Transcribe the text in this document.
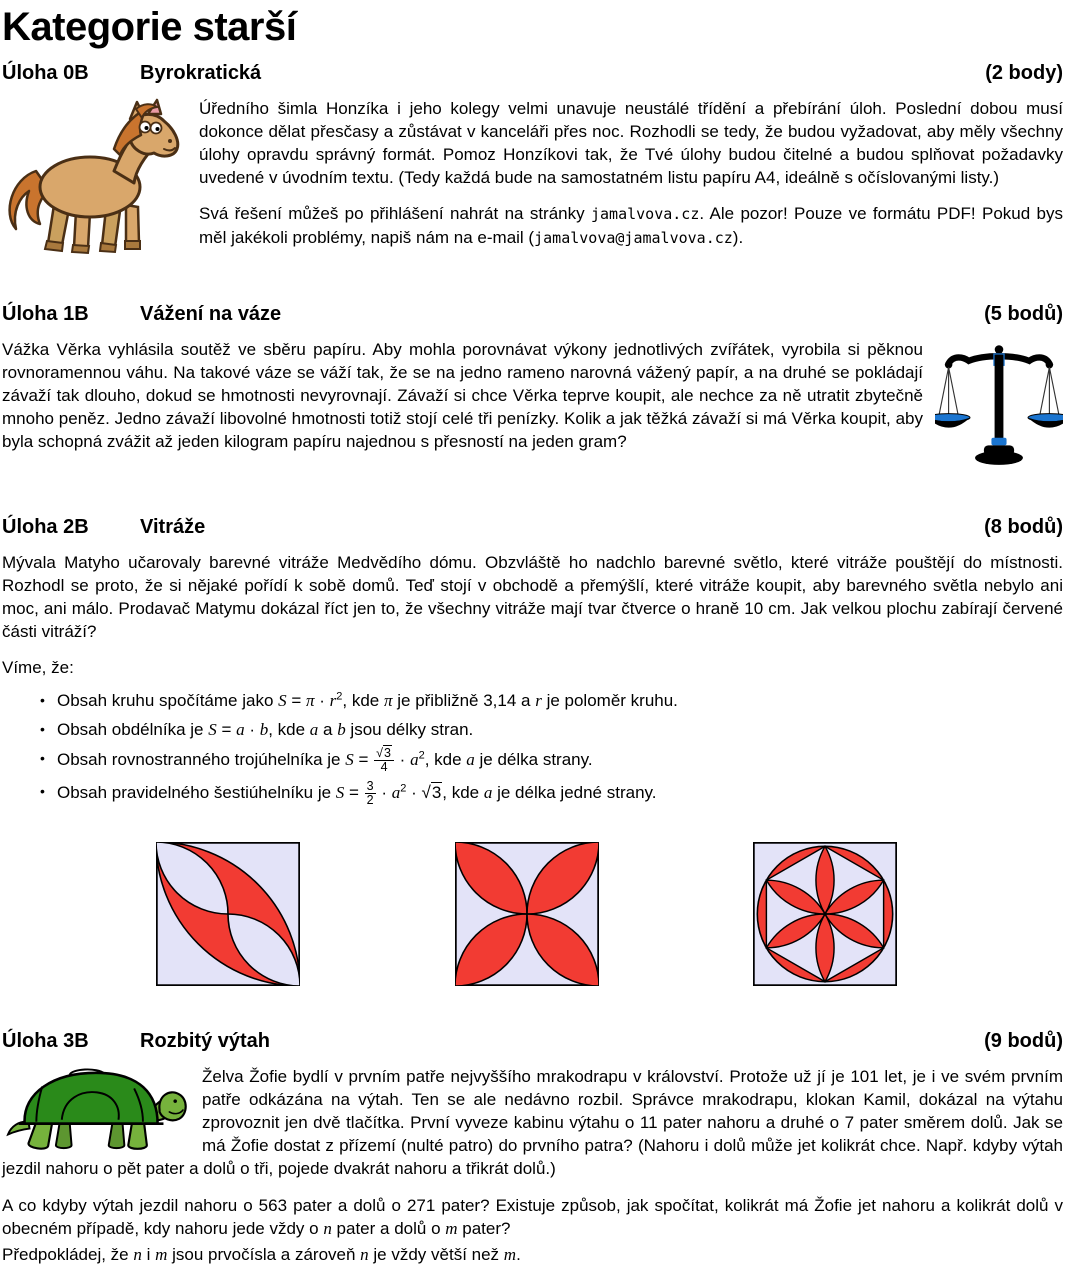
Kategorie starší
Úloha 0B	Byrokratická	(2 body)

Úředního šimla Honzíka i jeho kolegy velmi unavuje neustálé třídění a přebírání úloh. Poslední dobou musí dokonce dělat přesčasy a zůstávat v kanceláři přes noc. Rozhodli se tedy, že budou vyžadovat, aby měly všechny úlohy opravdu správný formát. Pomoz Honzíkovi tak, že Tvé úlohy budou čitelné a budou splňovat požadavky uvedené v úvodním textu. (Tedy každá bude na samostatném listu papíru A4, ideálně s očíslovanými listy.)

Svá řešení můžeš po přihlášení nahrát na stránky jamalvova.cz. Ale pozor! Pouze ve formátu PDF! Pokud bys měl jakékoli problémy, napiš nám na e-mail (jamalvova@jamalvova.cz).

Úloha 1B	Vážení na váze	(5 bodů)

Vážka Věrka vyhlásila soutěž ve sběru papíru. Aby mohla porovnávat výkony jednotlivých zvířátek, vyrobila si pěknou rovnoramennou váhu. Na takové váze se váží tak, že se na jedno rameno narovná vážený papír, a na druhé se pokládají závaží tak dlouho, dokud se hmotnosti nevyrovnají. Závaží si chce Věrka teprve koupit, ale nechce za ně utratit zbytečně mnoho peněz. Jedno závaží libovolné hmotnosti totiž stojí celé tři penízky. Kolik a jak těžká závaží si má Věrka koupit, aby byla schopná zvážit až jeden kilogram papíru najednou s přesností na jeden gram?

Úloha 2B	Vitráže	(8 bodů)

Mývala Matyho učarovaly barevné vitráže Medvědího dómu. Obzvláště ho nadchlo barevné světlo, které vitráže pouštějí do místnosti. Rozhodl se proto, že si nějaké pořídí k sobě domů. Teď stojí v obchodě a přemýšlí, které vitráže koupit, aby barevného světla nebylo ani moc, ani málo. Prodavač Matymu dokázal říct jen to, že všechny vitráže mají tvar čtverce o hraně 10 cm. Jak velkou plochu zabírají červené části vitráží?

Víme, že:

• Obsah kruhu spočítáme jako $S = \pi \cdot r^2$, kde π je přibližně 3,14 a r je poloměr kruhu.
• Obsah obdélníka je S = a · b, kde a a b jsou délky stran.
• Obsah rovnostranného trojúhelníka je $S = \frac{√3}{4} \cdot a^2$, kde a je délka strany.
• Obsah pravidelného šestiúhelníku je $S = \frac{3}{2} \cdot a^2 \cdot √3$, kde a je délka jedné strany.
Úloha 3B	Rozbitý výtah	(9 bodů)

Želva Žofie bydlí v prvním patře nejvyššího mrakodrapu v království. Protože už jí je 101 let, je i ve svém prvním patře odkázána na výtah. Ten se ale nedávno rozbil. Správce mrakodrapu, klokan Kamil, dokázal na výtahu zprovoznit jen dvě tlačítka. První vyveze kabinu výtahu o 11 pater nahoru a druhé o 7 pater směrem dolů. Jak se má Žofie dostat z přízemí (nulté patro) do prvního patra? (Nahoru i dolů může jet kolikrát chce. Např. kdyby výtah jezdil nahoru o pět pater a dolů o tři, pojede dvakrát nahoru a třikrát dolů.)

A co kdyby výtah jezdil nahoru o 563 pater a dolů o 271 pater? Existuje způsob, jak spočítat, kolikrát má Žofie jet nahoru a kolikrát dolů v obecném případě, kdy nahoru jede vždy o n pater a dolů o m pater?

Předpokládej, že n i m jsou prvočísla a zároveň n je vždy větší než m.
